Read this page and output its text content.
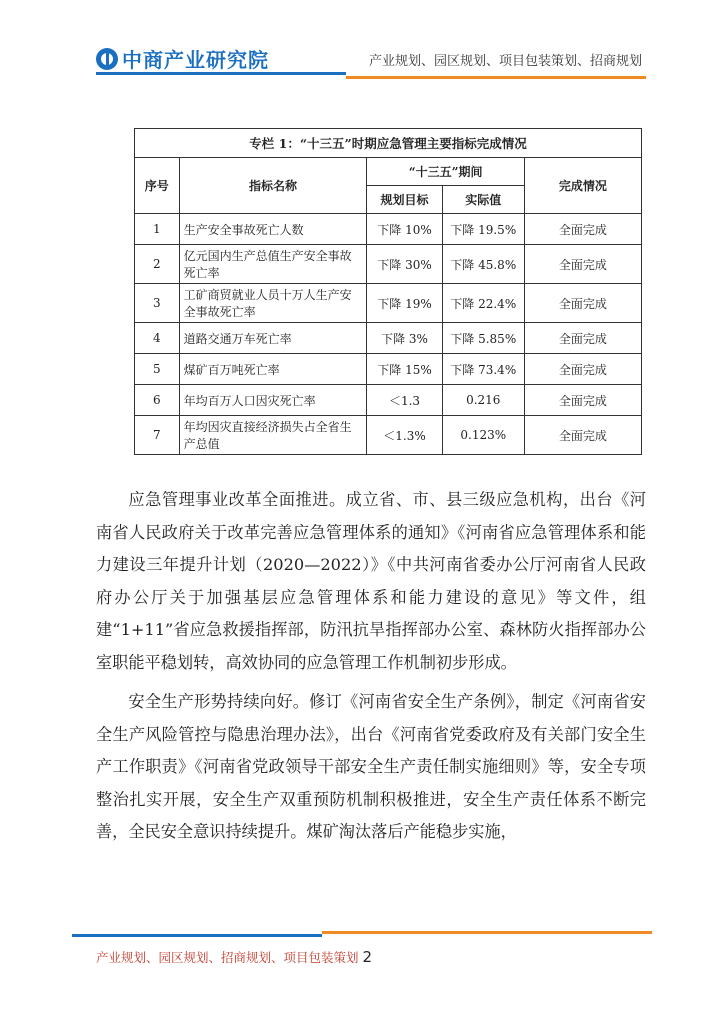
中商产业研究院	产业规划、园区规划、项目包装策划、招商规划
专栏 1：“十三五”时期应急管理主要指标完成情况				
序号	指标名称	“十三五”期间		完成情况
		规划目标	实际值	
1	生产安全事故死亡人数	下降 10%	下降 19.5%	全面完成
2	亿元国内生产总值生产安全事故死亡率	下降 30%	下降 45.8%	全面完成
3	工矿商贸就业人员十万人生产安全事故死亡率	下降 19%	下降 22.4%	全面完成
4	道路交通万车死亡率	下降 3%	下降 5.85%	全面完成
5	煤矿百万吨死亡率	下降 15%	下降 73.4%	全面完成
6	年均百万人口因灾死亡率	＜1.3	0.216	全面完成
7	年均因灾直接经济损失占全省生产总值	＜1.3%	0.123%	全面完成

应急管理事业改革全面推进。成立省、市、县三级应急机构，出台《河南省人民政府关于改革完善应急管理体系的通知》《河南省应急管理体系和能力建设三年提升计划（2020—2022）》《中共河南省委办公厅河南省人民政府办公厅关于加强基层应急管理体系和能力建设的意见》等文件，组建“1+11”省应急救援指挥部，防汛抗旱指挥部办公室、森林防火指挥部办公室职能平稳划转，高效协同的应急管理工作机制初步形成。

安全生产形势持续向好。修订《河南省安全生产条例》，制定《河南省安全生产风险管控与隐患治理办法》，出台《河南省党委政府及有关部门安全生产工作职责》《河南省党政领导干部安全生产责任制实施细则》等，安全专项整治扎实开展，安全生产双重预防机制积极推进，安全生产责任体系不断完善，全民安全意识持续提升。煤矿淘汰落后产能稳步实施，

产业规划、园区规划、招商规划、项目包装策划 2
